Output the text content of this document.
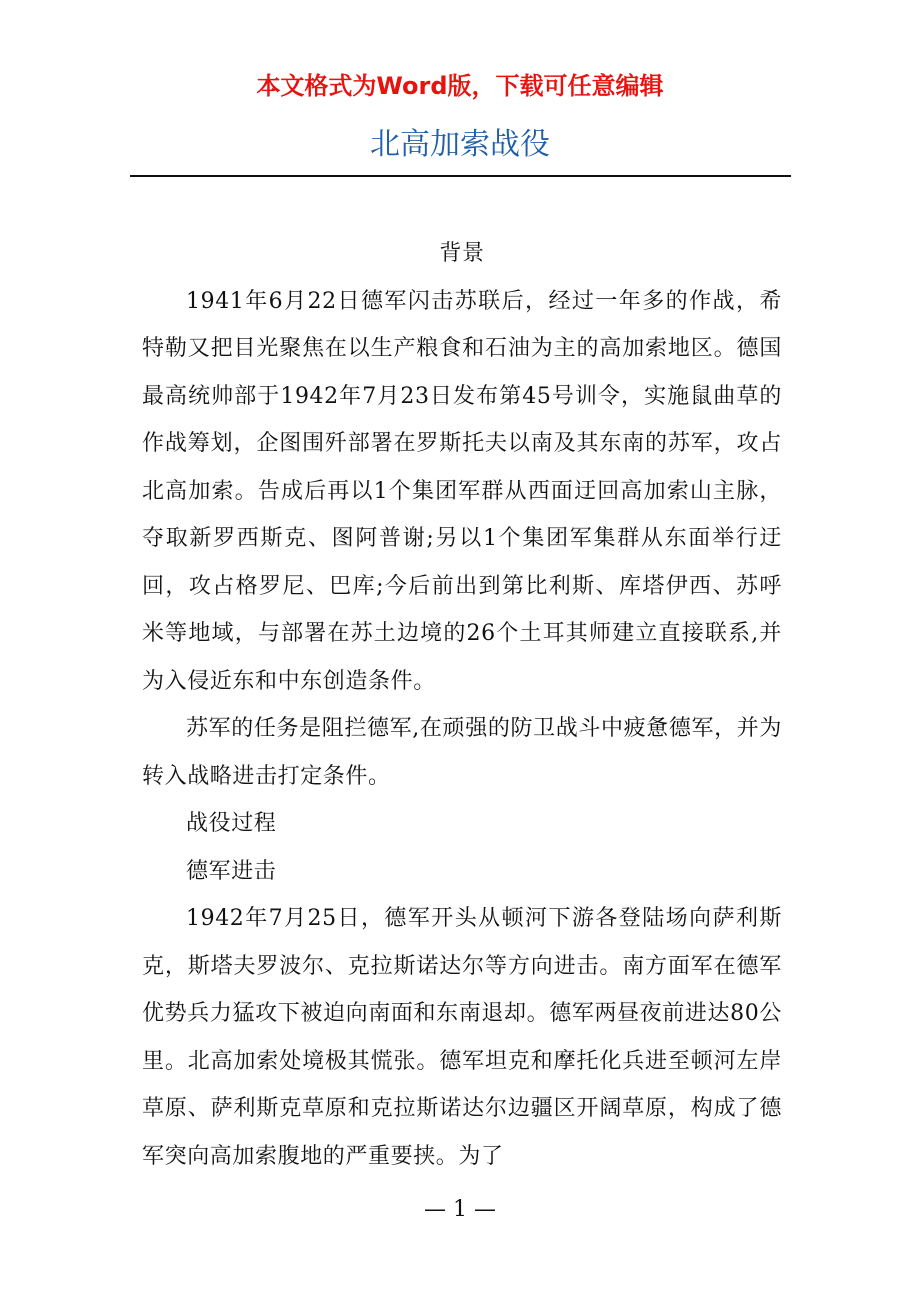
本文格式为Word版，下载可任意编辑
北高加索战役

背景

1941年6月22日德军闪击苏联后，经过一年多的作战，希特勒又把目光聚焦在以生产粮食和石油为主的高加索地区。德国最高统帅部于1942年7月23日发布第45号训令，实施鼠曲草的作战筹划，企图围歼部署在罗斯托夫以南及其东南的苏军，攻占北高加索。告成后再以1个集团军群从西面迂回高加索山主脉，夺取新罗西斯克、图阿普谢;另以1个集团军集群从东面举行迂回，攻占格罗尼、巴库;今后前出到第比利斯、库塔伊西、苏呼米等地域，与部署在苏土边境的26个土耳其师建立直接联系,并为入侵近东和中东创造条件。

苏军的任务是阻拦德军,在顽强的防卫战斗中疲惫德军，并为转入战略进击打定条件。

战役过程

德军进击

1942年7月25日，德军开头从顿河下游各登陆场向萨利斯克，斯塔夫罗波尔、克拉斯诺达尔等方向进击。南方面军在德军优势兵力猛攻下被迫向南面和东南退却。德军两昼夜前进达80公里。北高加索处境极其慌张。德军坦克和摩托化兵进至顿河左岸草原、萨利斯克草原和克拉斯诺达尔边疆区开阔草原，构成了德军突向高加索腹地的严重要挟。为了

— 1 —
